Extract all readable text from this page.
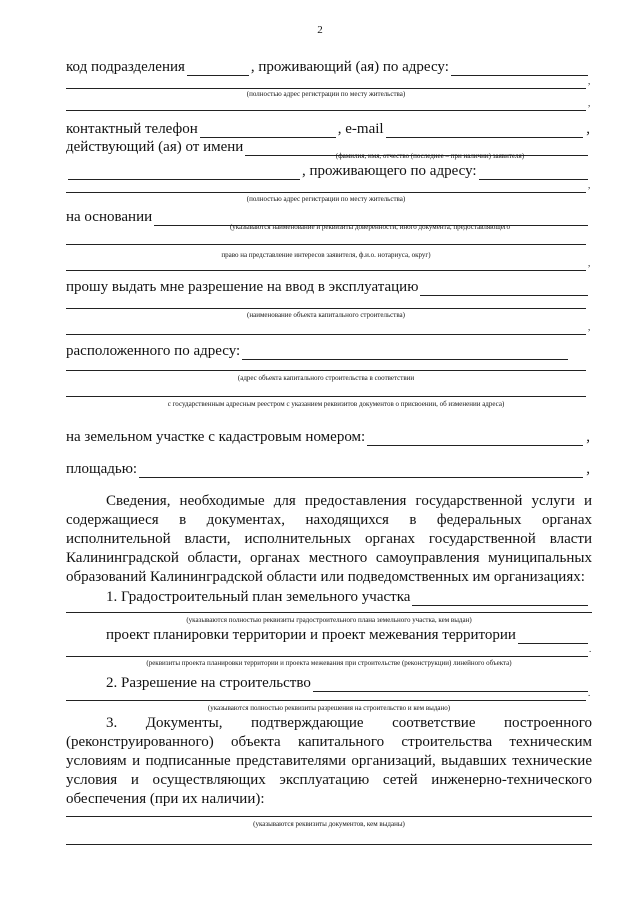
2
код подразделения	, проживающий (ая) по адресу:
,
(полностью адрес регистрации по месту жительства)
,
контактный телефон	, e-mail	,
действующий (ая) от имени
(фамилия, имя, отчество (последнее – при наличии) заявителя)
, проживающего по адресу:
,
(полностью адрес регистрации по месту жительства)
на основании
(указываются наименование и реквизиты доверенности, иного документа, предоставляющего
право на представление интересов заявителя, ф.и.о. нотариуса, округ)
,
прошу выдать мне разрешение на ввод в эксплуатацию
(наименование объекта капитального строительства)
,
расположенного по адресу:
(адрес объекта капитального строительства в соответствии
с государственным адресным реестром с указанием реквизитов документов о присвоении, об изменении адреса)
на земельном участке с кадастровым номером:	,
площадью:	,
Сведения, необходимые для предоставления государственной услуги и содержащиеся в документах, находящихся в федеральных органах исполнительной власти, исполнительных органах государственной власти Калининградской области, органах местного самоуправления муниципальных образований Калининградской области или подведомственных им организациях:
1. Градостроительный план земельного участка
(указываются полностью реквизиты градостроительного плана земельного участка, кем выдан)
проект планировки территории и проект межевания территории
.
(реквизиты проекта планировки территории и проекта межевания при строительстве (реконструкции) линейного объекта)
2. Разрешение на строительство
.
(указываются полностью реквизиты разрешения на строительство и кем выдано)
3. Документы, подтверждающие соответствие построенного (реконструированного) объекта капитального строительства техническим условиям и подписанные представителями организаций, выдавших технические условия и осуществляющих эксплуатацию сетей инженерно-технического обеспечения (при их наличии):
(указываются реквизиты документов, кем выданы)
